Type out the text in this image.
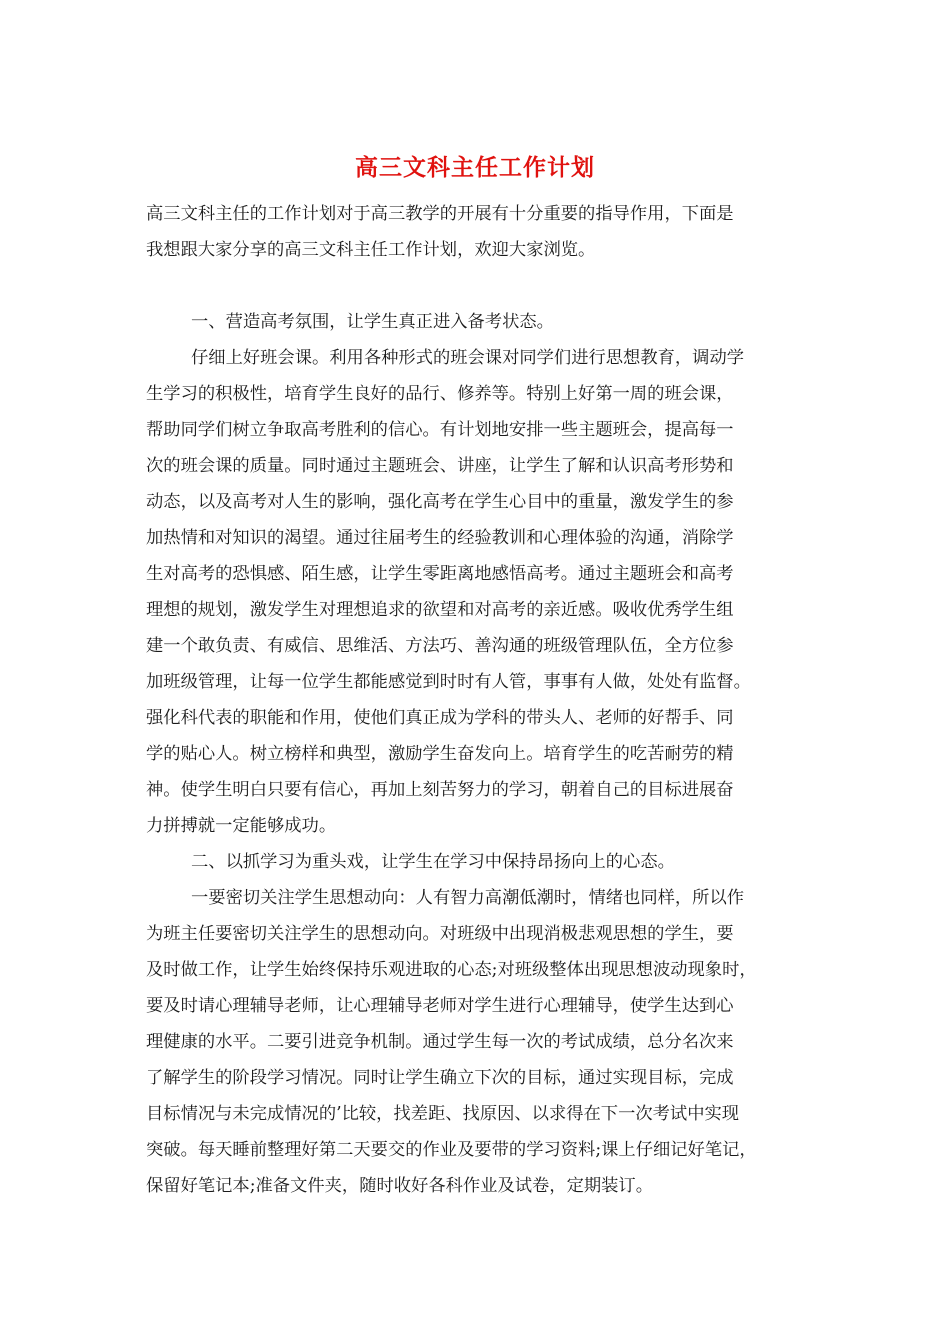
高三文科主任工作计划
高三文科主任的工作计划对于高三教学的开展有十分重要的指导作用，下面是
我想跟大家分享的高三文科主任工作计划，欢迎大家浏览。
一、营造高考氛围，让学生真正进入备考状态。
仔细上好班会课。利用各种形式的班会课对同学们进行思想教育，调动学
生学习的积极性，培育学生良好的品行、修养等。特别上好第一周的班会课，
帮助同学们树立争取高考胜利的信心。有计划地安排一些主题班会，提高每一
次的班会课的质量。同时通过主题班会、讲座，让学生了解和认识高考形势和
动态，以及高考对人生的影响，强化高考在学生心目中的重量，激发学生的参
加热情和对知识的渴望。通过往届考生的经验教训和心理体验的沟通，消除学
生对高考的恐惧感、陌生感，让学生零距离地感悟高考。通过主题班会和高考
理想的规划，激发学生对理想追求的欲望和对高考的亲近感。吸收优秀学生组
建一个敢负责、有威信、思维活、方法巧、善沟通的班级管理队伍，全方位参
加班级管理，让每一位学生都能感觉到时时有人管，事事有人做，处处有监督。
强化科代表的职能和作用，使他们真正成为学科的带头人、老师的好帮手、同
学的贴心人。树立榜样和典型，激励学生奋发向上。培育学生的吃苦耐劳的精
神。使学生明白只要有信心，再加上刻苦努力的学习，朝着自己的目标进展奋
力拼搏就一定能够成功。
二、以抓学习为重头戏，让学生在学习中保持昂扬向上的心态。
一要密切关注学生思想动向：人有智力高潮低潮时，情绪也同样，所以作
为班主任要密切关注学生的思想动向。对班级中出现消极悲观思想的学生，要
及时做工作，让学生始终保持乐观进取的心态;对班级整体出现思想波动现象时，
要及时请心理辅导老师，让心理辅导老师对学生进行心理辅导，使学生达到心
理健康的水平。二要引进竞争机制。通过学生每一次的考试成绩，总分名次来
了解学生的阶段学习情况。同时让学生确立下次的目标，通过实现目标，完成
目标情况与未完成情况的’比较，找差距、找原因、以求得在下一次考试中实现
突破。每天睡前整理好第二天要交的作业及要带的学习资料;课上仔细记好笔记，
保留好笔记本;准备文件夹，随时收好各科作业及试卷，定期装订。
